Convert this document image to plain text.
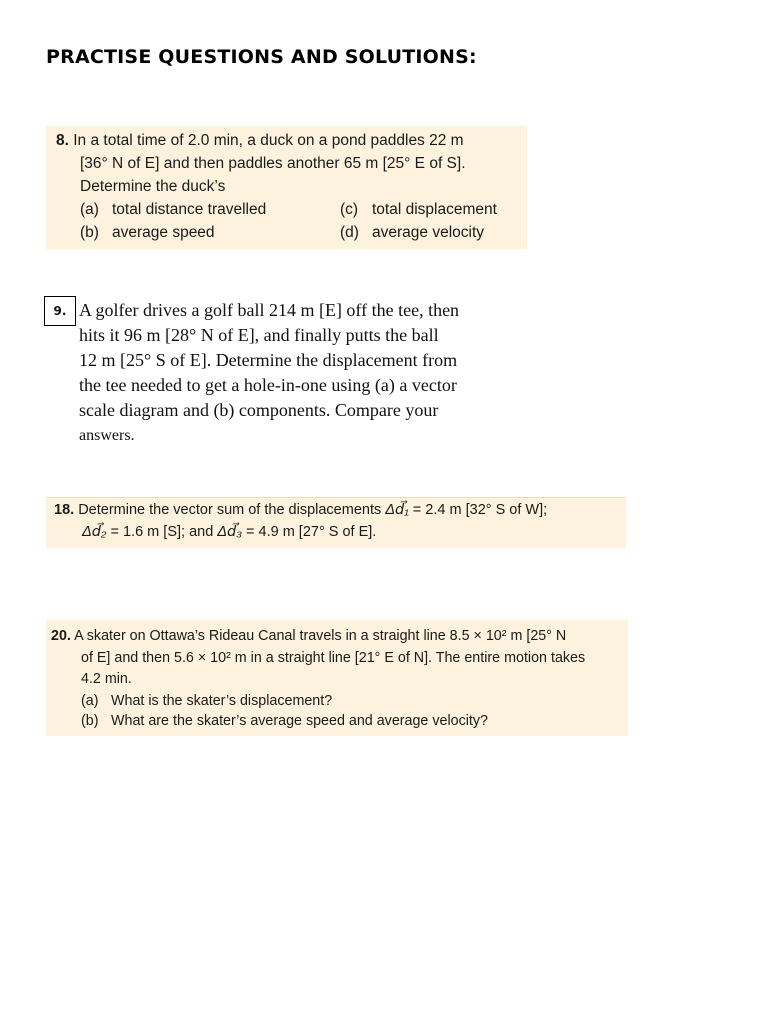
PRACTISE QUESTIONS AND SOLUTIONS:
8. In a total time of 2.0 min, a duck on a pond paddles 22 m
[36° N of E] and then paddles another 65 m [25° E of S].
Determine the duck’s
(a) total distance travelled
(b) average speed
(c) total displacement
(d) average velocity
9. A golfer drives a golf ball 214 m [E] off the tee, then
hits it 96 m [28° N of E], and finally putts the ball
12 m [25° S of E]. Determine the displacement from
the tee needed to get a hole-in-one using (a) a vector
scale diagram and (b) components. Compare your
answers.
18. Determine the vector sum of the displacements Δd⃗₁ = 2.4 m [32° S of W];
Δd⃗₂ = 1.6 m [S]; and Δd⃗₃ = 4.9 m [27° S of E].
20. A skater on Ottawa’s Rideau Canal travels in a straight line 8.5 × 10² m [25° N
of E] and then 5.6 × 10² m in a straight line [21° E of N]. The entire motion takes
4.2 min.
(a) What is the skater’s displacement?
(b) What are the skater’s average speed and average velocity?
